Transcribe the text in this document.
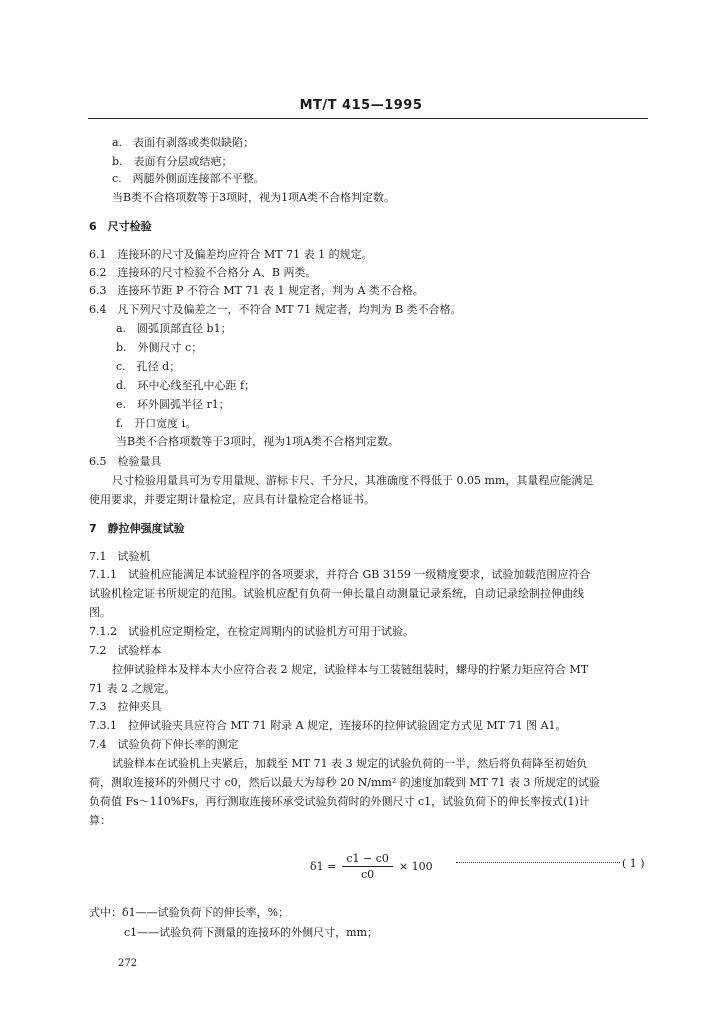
MT/T 415—1995
a.　表面有剥落或类似缺陷；
b.　表面有分层或结疤；
c.　两腿外侧面连接部不平整。
当B类不合格项数等于3项时，视为1项A类不合格判定数。
6　尺寸检验
6.1　连接环的尺寸及偏差均应符合 MT 71 表 1 的规定。
6.2　连接环的尺寸检验不合格分 A、B 两类。
6.3　连接环节距 P 不符合 MT 71 表 1 规定者，判为 A 类不合格。
6.4　凡下列尺寸及偏差之一，不符合 MT 71 规定者，均判为 B 类不合格。
a.　圆弧顶部直径 b1；
b.　外侧尺寸 c；
c.　孔径 d；
d.　环中心线至孔中心距 f；
e.　环外圆弧半径 r1；
f.　开口宽度 i。
当B类不合格项数等于3项时，视为1项A类不合格判定数。
6.5　检验量具
尺寸检验用量具可为专用量规、游标卡尺、千分尺，其准确度不得低于 0.05 mm，其量程应能满足
使用要求，并要定期计量检定，应具有计量检定合格证书。
7　静拉伸强度试验
7.1　试验机
7.1.1　试验机应能满足本试验程序的各项要求，并符合 GB 3159 一级精度要求，试验加载范围应符合
试验机检定证书所规定的范围。试验机应配有负荷一伸长量自动测量记录系统，自动记录绘制拉伸曲线
图。
7.1.2　试验机应定期检定，在检定周期内的试验机方可用于试验。
7.2　试验样本
拉伸试验样本及样本大小应符合表 2 规定，试验样本与工装链组装时，螺母的拧紧力矩应符合 MT
71 表 2 之规定。
7.3　拉伸夹具
7.3.1　拉伸试验夹具应符合 MT 71 附录 A 规定，连接环的拉伸试验固定方式见 MT 71 图 A1。
7.4　试验负荷下伸长率的测定
试验样本在试验机上夹紧后，加载至 MT 71 表 3 规定的试验负荷的一半，然后将负荷降至初始负
荷，测取连接环的外侧尺寸 c0，然后以最大为每秒 20 N/mm² 的速度加载到 MT 71 表 3 所规定的试验
负荷值 Fs～110%Fs，再行测取连接环承受试验负荷时的外侧尺寸 c1，试验负荷下的伸长率按式(1)计
算：
$\delta 1 = \frac{c1 - c0}{c0} \times 100$	( 1 )
式中：δ1——试验负荷下的伸长率，%；
c1——试验负荷下测量的连接环的外侧尺寸，mm；
272
